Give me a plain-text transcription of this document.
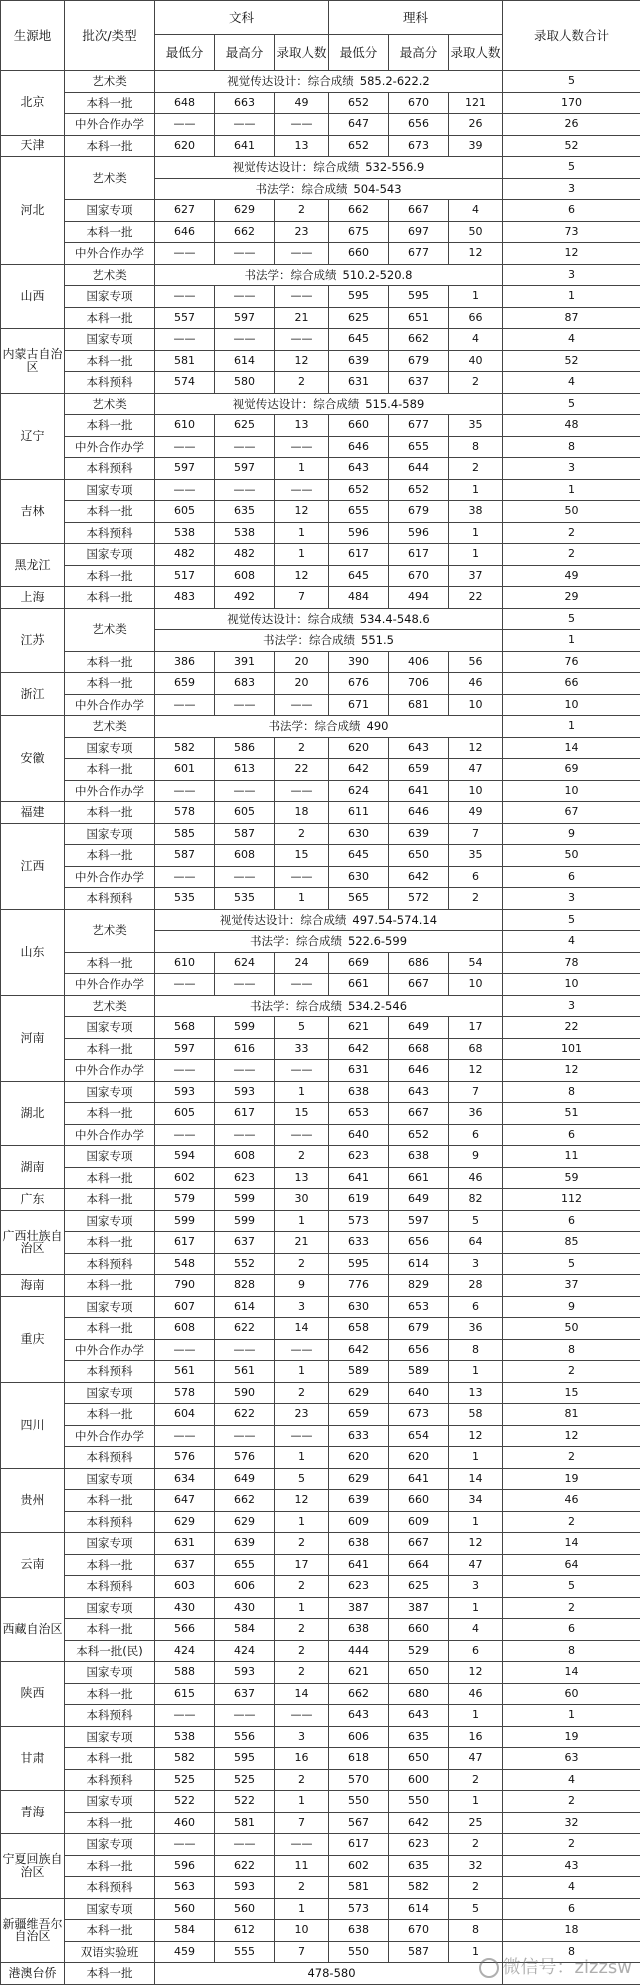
生源地	批次/类型	文科			理科			录取人数合计
		最低分	最高分	录取人数	最低分	最高分	录取人数	
北京	艺术类	视觉传达设计：综合成绩 585.2-622.2						5
	本科一批	648	663	49	652	670	121	170
	中外合作办学	——	——	——	647	656	26	26
天津	本科一批	620	641	13	652	673	39	52
河北	艺术类	视觉传达设计：综合成绩 532-556.9						5
		书法学：综合成绩 504-543						3
	国家专项	627	629	2	662	667	4	6
	本科一批	646	662	23	675	697	50	73
	中外合作办学	——	——	——	660	677	12	12
山西	艺术类	书法学：综合成绩 510.2-520.8						3
	国家专项	——	——	——	595	595	1	1
	本科一批	557	597	21	625	651	66	87
内蒙古自治区	国家专项	——	——	——	645	662	4	4
	本科一批	581	614	12	639	679	40	52
	本科预科	574	580	2	631	637	2	4
辽宁	艺术类	视觉传达设计：综合成绩 515.4-589						5
	本科一批	610	625	13	660	677	35	48
	中外合作办学	——	——	——	646	655	8	8
	本科预科	597	597	1	643	644	2	3
吉林	国家专项	——	——	——	652	652	1	1
	本科一批	605	635	12	655	679	38	50
	本科预科	538	538	1	596	596	1	2
黑龙江	国家专项	482	482	1	617	617	1	2
	本科一批	517	608	12	645	670	37	49
上海	本科一批	483	492	7	484	494	22	29
江苏	艺术类	视觉传达设计：综合成绩 534.4-548.6						5
		书法学：综合成绩 551.5						1
	本科一批	386	391	20	390	406	56	76
浙江	本科一批	659	683	20	676	706	46	66
	中外合作办学	——	——	——	671	681	10	10
安徽	艺术类	书法学：综合成绩 490						1
	国家专项	582	586	2	620	643	12	14
	本科一批	601	613	22	642	659	47	69
	中外合作办学	——	——	——	624	641	10	10
福建	本科一批	578	605	18	611	646	49	67
江西	国家专项	585	587	2	630	639	7	9
	本科一批	587	608	15	645	650	35	50
	中外合作办学	——	——	——	630	642	6	6
	本科预科	535	535	1	565	572	2	3
山东	艺术类	视觉传达设计：综合成绩 497.54-574.14						5
		书法学：综合成绩 522.6-599						4
	本科一批	610	624	24	669	686	54	78
	中外合作办学	——	——	——	661	667	10	10
河南	艺术类	书法学：综合成绩 534.2-546						3
	国家专项	568	599	5	621	649	17	22
	本科一批	597	616	33	642	668	68	101
	中外合作办学	——	——	——	631	646	12	12
湖北	国家专项	593	593	1	638	643	7	8
	本科一批	605	617	15	653	667	36	51
	中外合作办学	——	——	——	640	652	6	6
湖南	国家专项	594	608	2	623	638	9	11
	本科一批	602	623	13	641	661	46	59
广东	本科一批	579	599	30	619	649	82	112
广西壮族自治区	国家专项	599	599	1	573	597	5	6
	本科一批	617	637	21	633	656	64	85
	本科预科	548	552	2	595	614	3	5
海南	本科一批	790	828	9	776	829	28	37
重庆	国家专项	607	614	3	630	653	6	9
	本科一批	608	622	14	658	679	36	50
	中外合作办学	——	——	——	642	656	8	8
	本科预科	561	561	1	589	589	1	2
四川	国家专项	578	590	2	629	640	13	15
	本科一批	604	622	23	659	673	58	81
	中外合作办学	——	——	——	633	654	12	12
	本科预科	576	576	1	620	620	1	2
贵州	国家专项	634	649	5	629	641	14	19
	本科一批	647	662	12	639	660	34	46
	本科预科	629	629	1	609	609	1	2
云南	国家专项	631	639	2	638	667	12	14
	本科一批	637	655	17	641	664	47	64
	本科预科	603	606	2	623	625	3	5
西藏自治区	国家专项	430	430	1	387	387	1	2
	本科一批	566	584	2	638	660	4	6
	本科一批(民)	424	424	2	444	529	6	8
陕西	国家专项	588	593	2	621	650	12	14
	本科一批	615	637	14	662	680	46	60
	本科预科	——	——	——	643	643	1	1
甘肃	国家专项	538	556	3	606	635	16	19
	本科一批	582	595	16	618	650	47	63
	本科预科	525	525	2	570	600	2	4
青海	国家专项	522	522	1	550	550	1	2
	本科一批	460	581	7	567	642	25	32
宁夏回族自治区	国家专项	——	——	——	617	623	2	2
	本科一批	596	622	11	602	635	32	43
	本科预科	563	593	2	581	582	2	4
新疆维吾尔自治区	国家专项	560	560	1	573	614	5	6
	本科一批	584	612	10	638	670	8	18
	双语实验班	459	555	7	550	587	1	8
港澳台侨	本科一批	478-580							微信号：zizzsw
